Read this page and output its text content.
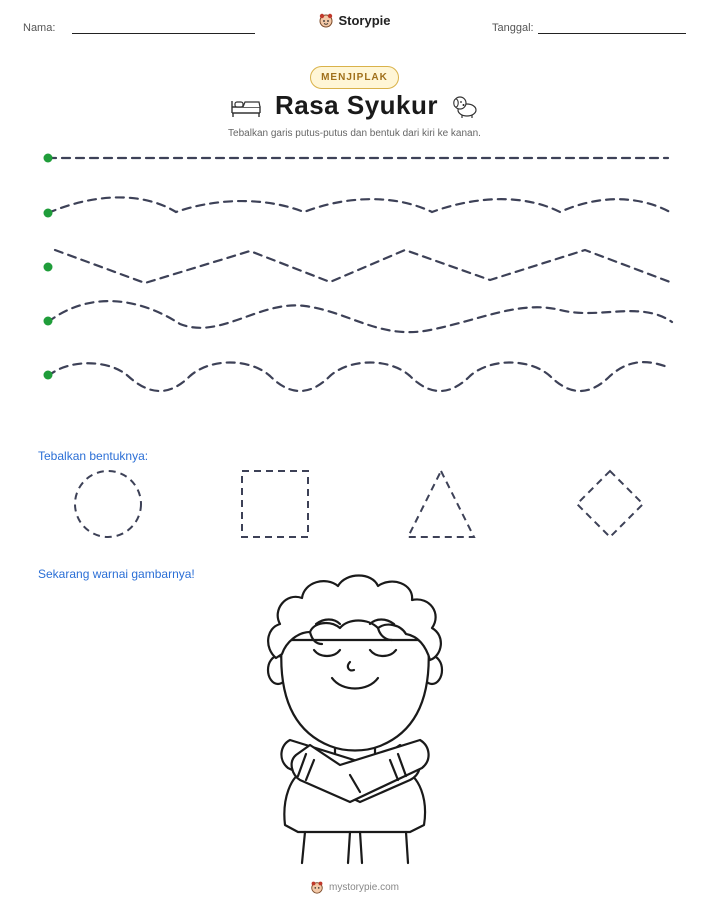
Nama:
Storypie
Tanggal:
MENJIPLAK
Rasa Syukur
Tebalkan garis putus-putus dan bentuk dari kiri ke kanan.
Tebalkan bentuknya:
Sekarang warnai gambarnya!
mystorypie.com
